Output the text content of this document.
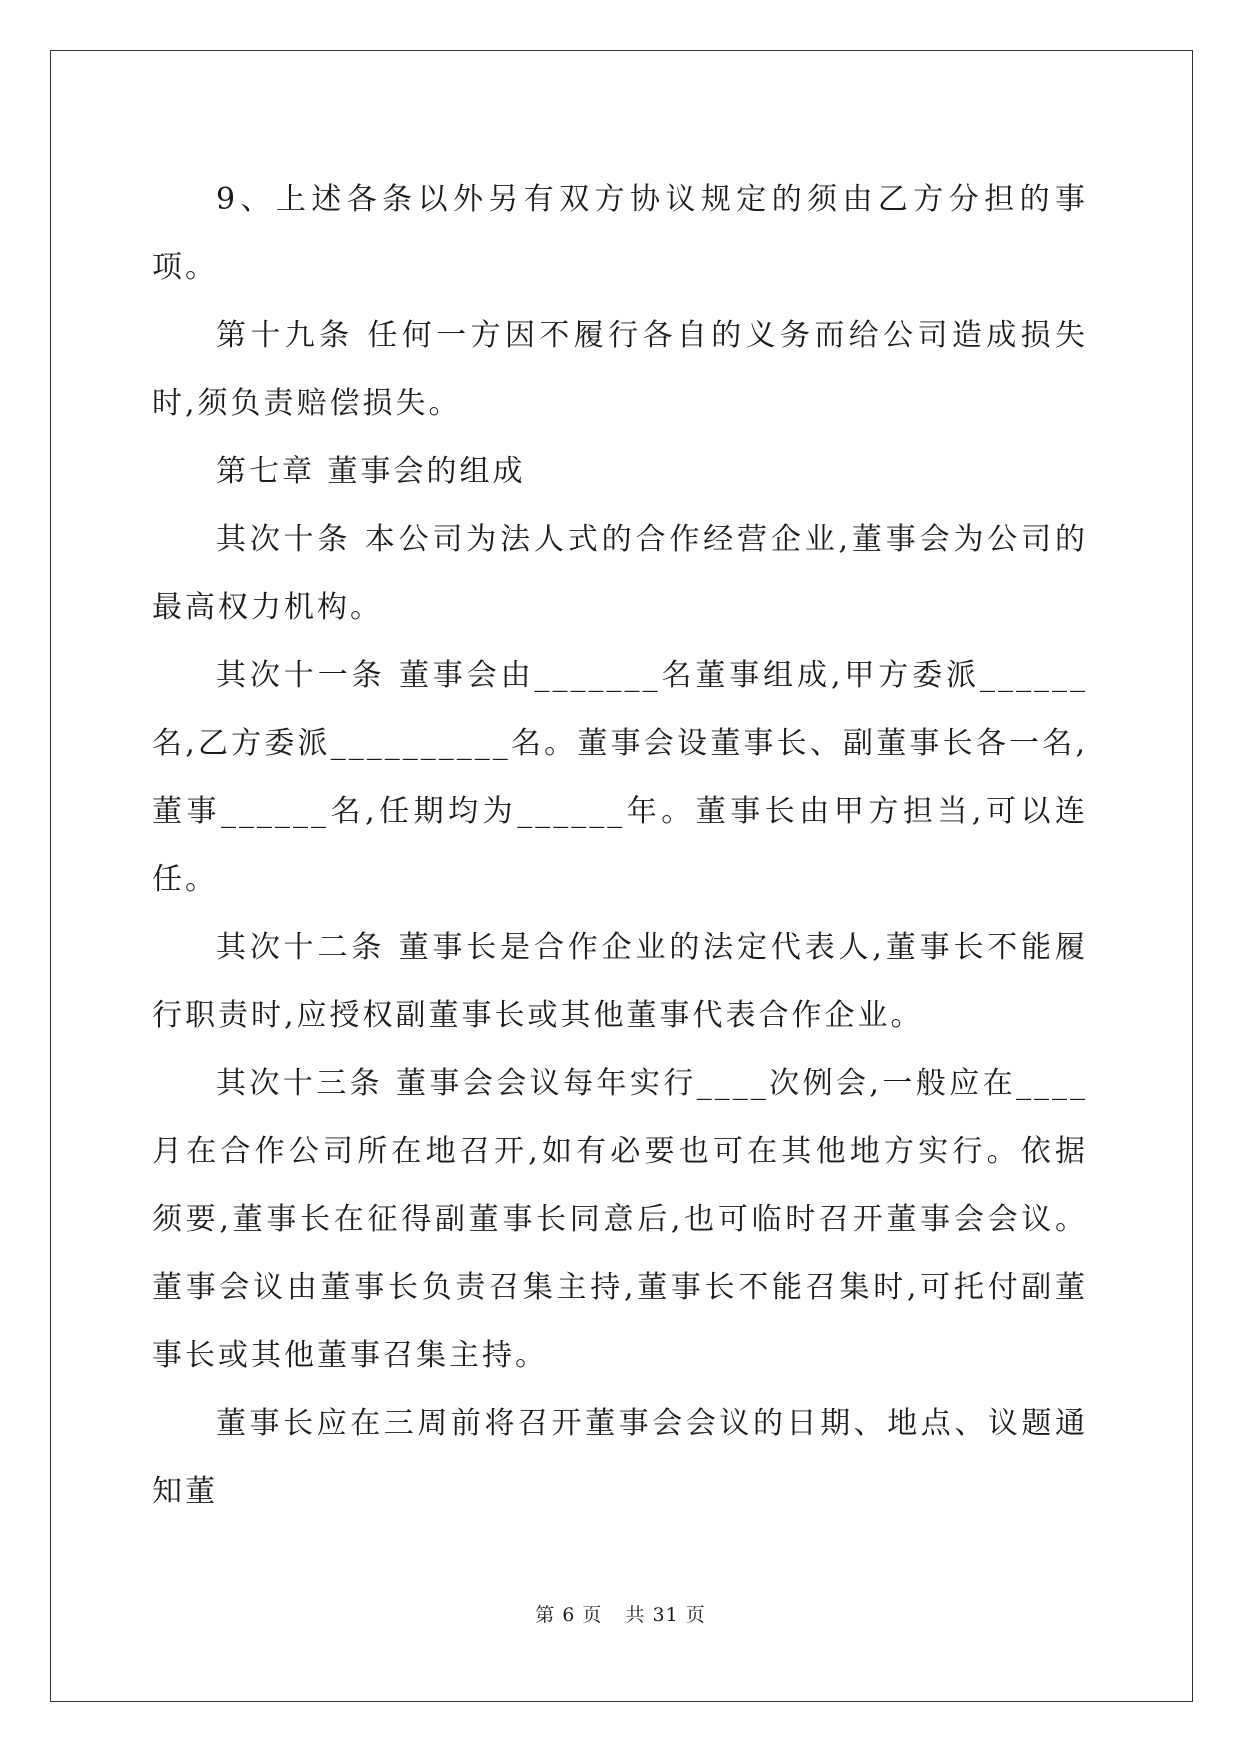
9、上述各条以外另有双方协议规定的须由乙方分担的事项。

第十九条 任何一方因不履行各自的义务而给公司造成损失时,须负责赔偿损失。

第七章 董事会的组成

其次十条 本公司为法人式的合作经营企业,董事会为公司的最高权力机构。

其次十一条 董事会由_______名董事组成,甲方委派______名,乙方委派__________名。董事会设董事长、副董事长各一名,董事______名,任期均为______年。董事长由甲方担当,可以连任。

其次十二条 董事长是合作企业的法定代表人,董事长不能履行职责时,应授权副董事长或其他董事代表合作企业。

其次十三条 董事会会议每年实行____次例会,一般应在____月在合作公司所在地召开,如有必要也可在其他地方实行。依据须要,董事长在征得副董事长同意后,也可临时召开董事会会议。董事会议由董事长负责召集主持,董事长不能召集时,可托付副董事长或其他董事召集主持。

董事长应在三周前将召开董事会会议的日期、地点、议题通知董

第 6 页 共 31 页
